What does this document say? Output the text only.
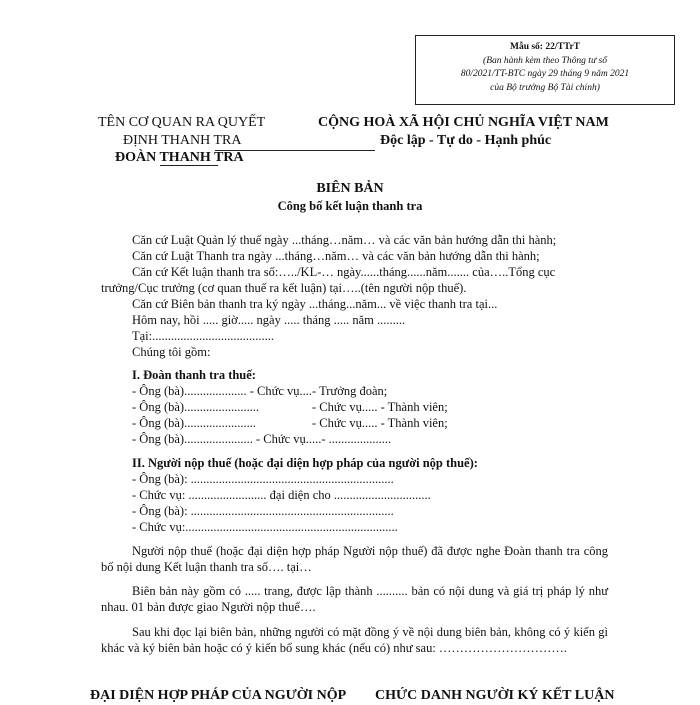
Mẫu số: 22/TTrT
(Ban hành kèm theo Thông tư số
80/2021/TT-BTC ngày 29 tháng 9 năm 2021
của Bộ trưởng Bộ Tài chính)
TÊN CƠ QUAN RA QUYẾT
ĐỊNH THANH TRA
ĐOÀN THANH TRA
CỘNG HOÀ XÃ HỘI CHỦ NGHĨA VIỆT NAM
Độc lập - Tự do - Hạnh phúc
BIÊN BẢN
Công bố kết luận thanh tra
Căn cứ Luật Quản lý thuế ngày ...tháng…năm… và các văn bản hướng dẫn thi hành;
Căn cứ Luật Thanh tra ngày ...tháng…năm… và các văn bản hướng dẫn thi hành;
Căn cứ Kết luận thanh tra số:…../KL-… ngày......tháng......năm....... của…..Tổng cục
trưởng/Cục trưởng (cơ quan thuế ra kết luận) tại…..(tên người nộp thuế).
Căn cứ Biên bản thanh tra ký ngày ...tháng...năm... về việc thanh tra tại...
Hôm nay, hồi ..... giờ..... ngày ..... tháng ..... năm .........
Tại:.......................................
Chúng tôi gồm:
I. Đoàn thanh tra thuế:
- Ông (bà).................... - Chức vụ....- Trưởng đoàn;
- Ông (bà)........................	- Chức vụ..... - Thành viên;
- Ông (bà).......................	- Chức vụ..... - Thành viên;
- Ông (bà)...................... - Chức vụ.....- ....................
II. Người nộp thuế (hoặc đại diện hợp pháp của người nộp thuế):
- Ông (bà): .................................................................
- Chức vụ: ......................... đại diện cho ...............................
- Ông (bà): .................................................................
- Chức vụ:....................................................................
Người nộp thuế (hoặc đại diện hợp pháp Người nộp thuế) đã được nghe Đoàn thanh tra công bố nội dung Kết luận thanh tra số…. tại…
Biên bản này gồm có ..... trang, được lập thành .......... bản có nội dung và giá trị pháp lý như nhau. 01 bản được giao Người nộp thuế….
Sau khi đọc lại biên bản, những người có mặt đồng ý về nội dung biên bản, không có ý kiến gì khác và ký biên bản hoặc có ý kiến bổ sung khác (nếu có) như sau: ………………………….
ĐẠI DIỆN HỢP PHÁP CỦA NGƯỜI NỘP CHỨC DANH NGƯỜI KÝ KẾT LUẬN
